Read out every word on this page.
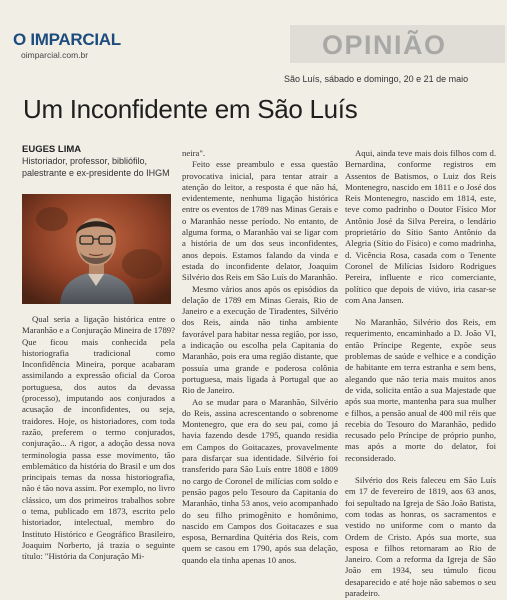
O IMPARCIAL
oimparcial.com.br	OPINIÃO
São Luís, sábado e domingo, 20 e 21 de maio
Um Inconfidente em São Luís
EUGES LIMA
Historiador, professor, bibliófilo, palestrante e ex-presidente do IHGM

Qual seria a ligação histórica entre o Maranhão e a Conjuração Mineira de 1789? Que ficou mais conhecida pela historiografia tradicional como Inconfidência Mineira, porque acabaram assimilando a expressão oficial da Coroa portuguesa, dos autos da devassa (processo), imputando aos conjurados a acusação de inconfidentes, ou seja, traidores. Hoje, os historiadores, com toda razão, preferem o termo conjurados, conjuração... A rigor, a adoção dessa nova terminologia passa esse movimento, tão emblemático da história do Brasil e um dos principais temas da nossa historiografia, não é tão nova assim. Por exemplo, no livro clássico, um dos primeiros trabalhos sobre o tema, publicado em 1873, escrito pelo historiador, intelectual, membro do Instituto Histórico e Geográfico Brasileiro, Joaquim Norberto, já trazia o seguinte título: "História da Conjuração Mi-

neira".

Feito esse preambulo e essa questão provocativa inicial, para tentar atrair a atenção do leitor, a resposta é que não há, evidentemente, nenhuma ligação histórica entre os eventos de 1789 nas Minas Gerais e o Maranhão nesse período. No entanto, de alguma forma, o Maranhão vai se ligar com a história de um dos seus inconfidentes, anos depois. Estamos falando da vinda e estada do inconfidente delator, Joaquim Silvério dos Reis em São Luís do Maranhão.

Mesmo vários anos após os episódios da delação de 1789 em Minas Gerais, Rio de Janeiro e a execução de Tiradentes, Silvério dos Reis, ainda não tinha ambiente favorável para habitar nessa região, por isso, a indicação ou escolha pela Capitania do Maranhão, pois era uma região distante, que possuía uma grande e poderosa colônia portuguesa, mais ligada à Portugal que ao Rio de Janeiro.

Ao se mudar para o Maranhão, Silvério do Reis, assina acrescentando o sobrenome Montenegro, que era do seu pai, como já havia fazendo desde 1795, quando residia em Campos do Goitacazes, provavelmente para disfarçar sua identidade. Silvério foi transferido para São Luís entre 1808 e 1809 no cargo de Coronel de milícias com soldo e pensão pagos pelo Tesouro da Capitania do Maranhão, tinha 53 anos, veio acompanhado do seu filho primogênito e homônimo, nascido em Campos dos Goitacazes e sua esposa, Bernardina Quitéria dos Reis, com quem se casou em 1790, após sua delação, quando ela tinha apenas 10 anos.

Aqui, ainda teve mais dois filhos com d. Bernardina, conforme registros em Assentos de Batismos, o Luiz dos Reis Montenegro, nascido em 1811 e o José dos Reis Montenegro, nascido em 1814, este, teve como padrinho o Doutor Físico Mor Antônio José da Silva Pereira, o lendário proprietário do Sítio Santo Antônio da Alegria (Sítio do Físico) e como madrinha, d. Vicência Rosa, casada com o Tenente Coronel de Milícias Isidoro Rodrigues Pereira, influente e rico comerciante, político que depois de viúvo, iria casar-se com Ana Jansen.

No Maranhão, Silvério dos Reis, em requerimento, encaminhado a D. João VI, então Príncipe Regente, expõe seus problemas de saúde e velhice e a condição de habitante em terra estranha e sem bens, alegando que não teria mais muitos anos de vida, solicita então a sua Majestade que após sua morte, mantenha para sua mulher e filhos, a pensão anual de 400 mil réis que recebia do Tesouro do Maranhão, pedido recusado pelo Príncipe de próprio punho, mas após a morte do delator, foi reconsiderado.

Silvério dos Reis faleceu em São Luís em 17 de fevereiro de 1819, aos 63 anos, foi sepultado na Igreja de São João Batista, com todas as honras, os sacramentos e vestido no uniforme com o manto da Ordem de Cristo. Após sua morte, sua esposa e filhos retornaram ao Rio de Janeiro. Com a reforma da Igreja de São João em 1934, seu túmulo ficou desaparecido e até hoje não sabemos o seu paradeiro.
